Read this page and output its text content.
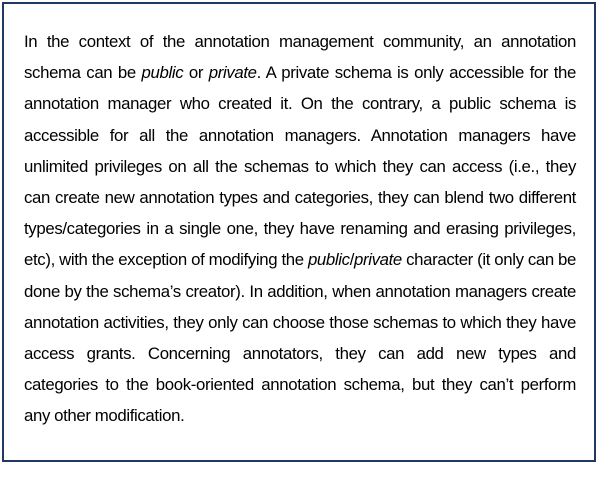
In the context of the annotation management community, an annotation schema can be public or private. A private schema is only accessible for the annotation manager who created it. On the contrary, a public schema is accessible for all the annotation managers. Annotation managers have unlimited privileges on all the schemas to which they can access (i.e., they can create new annotation types and categories, they can blend two different types/categories in a single one, they have renaming and erasing privileges, etc), with the exception of modifying the public/private character (it only can be done by the schema’s creator). In addition, when annotation managers create annotation activities, they only can choose those schemas to which they have access grants. Concerning annotators, they can add new types and categories to the book-oriented annotation schema, but they can’t perform any other modification.
